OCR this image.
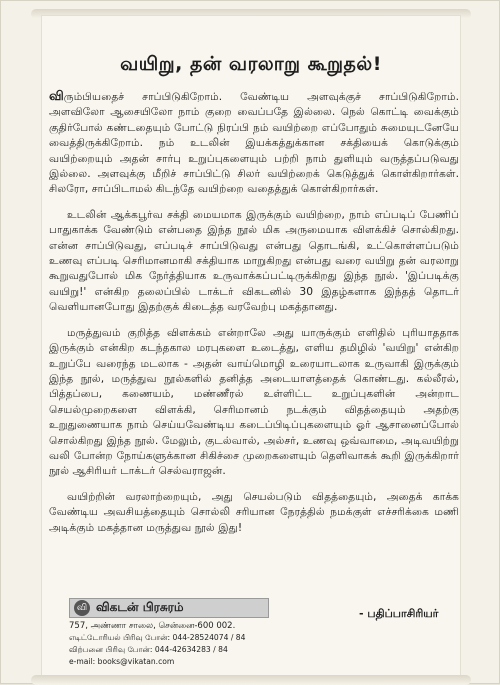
வயிறு, தன் வரலாறு கூறுதல்!

விரும்பியதைச் சாப்பிடுகிறோம். வேண்டிய அளவுக்குச் சாப்பிடுகிறோம். அளவிலோ ஆசையிலோ நாம் குறை வைப்பதே இல்லை. நெல் கொட்டி வைக்கும் குதிர்போல் கண்டதையும் போட்டு நிரப்பி நம் வயிற்றை எப்போதும் சுமையுடனேயே வைத்திருக்கிறோம். நம் உடலின் இயக்கத்துக்கான சக்தியைக் கொடுக்கும் வயிற்றையும் அதன் சார்பு உறுப்புகளையும் பற்றி நாம் துளியும் வருத்தப்படுவது இல்லை. அளவுக்கு மீறிச் சாப்பிட்டு சிலர் வயிற்றைக் கெடுத்துக் கொள்கிறார்கள். சிலரோ, சாப்பிடாமல் கிடந்தே வயிற்றை வதைத்துக் கொள்கிறார்கள்.

உடலின் ஆக்கபூர்வ சக்தி மையமாக இருக்கும் வயிற்றை, நாம் எப்படிப் பேணிப் பாதுகாக்க வேண்டும் என்பதை இந்த நூல் மிக அருமையாக விளக்கிச் சொல்கிறது. என்ன சாப்பிடுவது, எப்படிச் சாப்பிடுவது என்பது தொடங்கி, உட்கொள்ளப்படும் உணவு எப்படி செரிமானமாகி சக்தியாக மாறுகிறது என்பது வரை வயிறு தன் வரலாறு கூறுவதுபோல் மிக நேர்த்தியாக உருவாக்கப்பட்டிருக்கிறது இந்த நூல். 'இப்படிக்கு வயிறு!' என்கிற தலைப்பில் டாக்டர் விகடனில் 30 இதழ்களாக இந்தத் தொடர் வெளியானபோது இதற்குக் கிடைத்த வரவேற்பு மகத்தானது.

மருத்துவம் குறித்த விளக்கம் என்றாலே அது யாருக்கும் எளிதில் புரியாததாக இருக்கும் என்கிற கடந்தகால மரபுகளை உடைத்து, எளிய தமிழில் 'வயிறு' என்கிற உறுப்பே வரைந்த மடலாக - அதன் வாய்மொழி உரையாடலாக உருவாகி இருக்கும் இந்த நூல், மருத்துவ நூல்களில் தனித்த அடையாளத்தைக் கொண்டது. கல்லீரல், பித்தப்பை, கணையம், மண்ணீரல் உள்ளிட்ட உறுப்புகளின் அன்றாட செயல்முறைகளை விளக்கி, செரிமானம் நடக்கும் விதத்தையும் அதற்கு உறுதுணையாக நாம் செய்யவேண்டிய கடைப்பிடிப்புகளையும் ஓர் ஆசானைப்போல் சொல்கிறது இந்த நூல். மேலும், குடல்வால், அல்சர், உணவு ஒவ்வாமை, அடிவயிற்று வலி போன்ற நோய்களுக்கான சிகிச்சை முறைகளையும் தெளிவாகக் கூறி இருக்கிறார் நூல் ஆசிரியர் டாக்டர் செல்வராஜன்.

வயிற்றின் வரலாற்றையும், அது செயல்படும் விதத்தையும், அதைக் காக்க வேண்டிய அவசியத்தையும் சொல்லி சரியான நேரத்தில் நமக்குள் எச்சரிக்கை மணி அடிக்கும் மகத்தான மருத்துவ நூல் இது!

- பதிப்பாசிரியர்
வி விகடன் பிரசுரம்
757, அண்ணா சாலை, சென்னை-600 002.
எடிட்டோரியல் பிரிவு போன்: 044-28524074 / 84
விற்பனை பிரிவு போன்: 044-42634283 / 84
e-mail: books@vikatan.com
